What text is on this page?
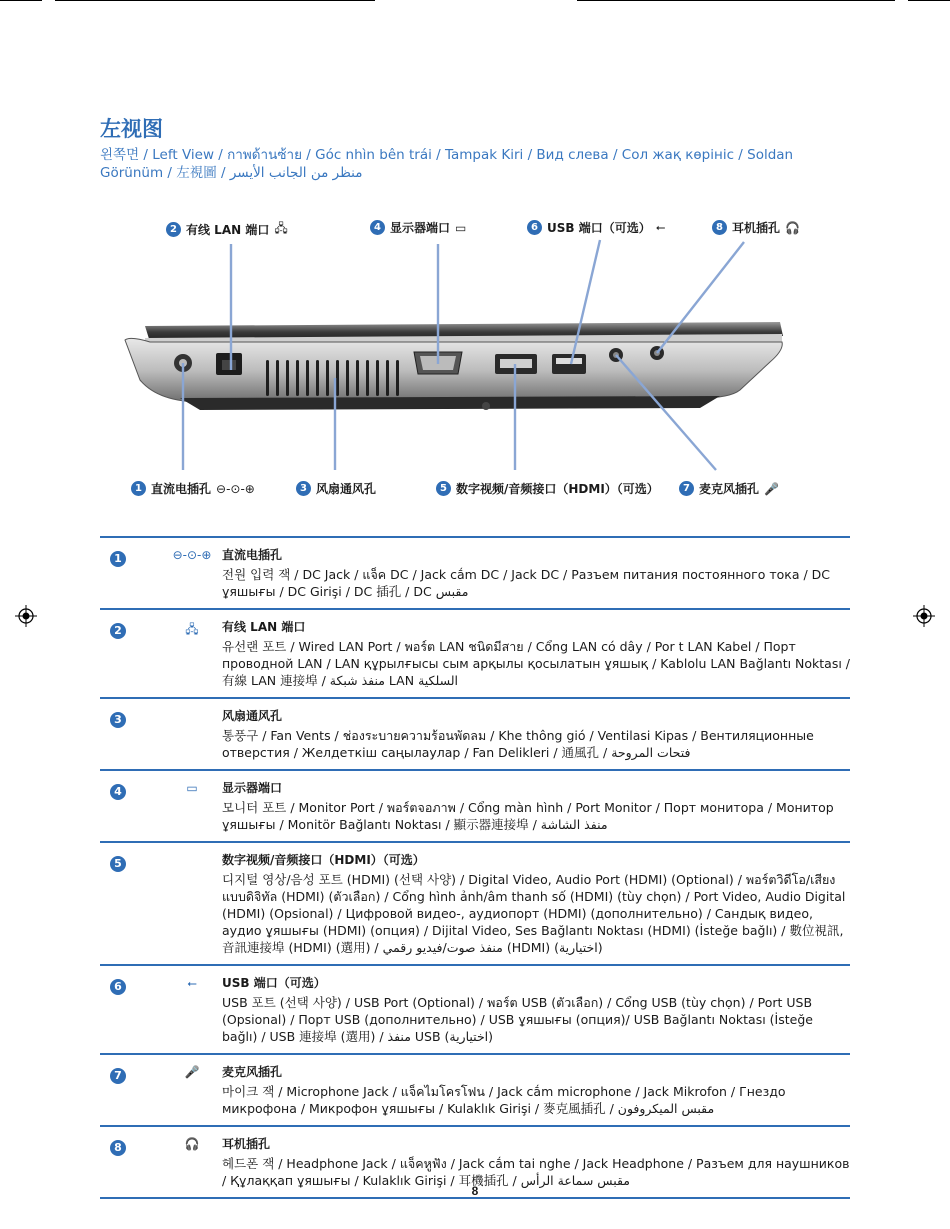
左视图
왼쪽면 / Left View / กาพด้านซ้าย / Góc nhìn bên trái / Tampak Kiri / Вид слева / Сол жақ көрініс / Soldan Görünüm / 左視圖 / منظر من الجانب الأيسر
2 有线 LAN 端口 🖧	4 显示器端口 ▭	6 USB 端口（可选） ⭠	8 耳机插孔 🎧
1 直流电插孔 ⊖-⊙-⊕	3 风扇通风孔	5 数字视频/音频接口（HDMI）（可选）	7 麦克风插孔 🎤
1	⊖-⊙-⊕ 直流电插孔
전원 입력 잭 / DC Jack / แจ็ค DC / Jack cắm DC / Jack DC / Разъем питания постоянного тока / DC ұяшығы / DC Girişi / DC 插孔 / DC مقبس
2	🖧	有线 LAN 端口
유선랜 포트 / Wired LAN Port / พอร์ต LAN ชนิดมีสาย / Cổng LAN có dây / Por t LAN Kabel / Порт проводной LAN / LAN құрылғысы сым арқылы қосылатын ұяшық / Kablolu LAN Bağlantı Noktası / 有線 LAN 連接埠 / منفذ شبكة LAN السلكية
3	风扇通风孔
통풍구 / Fan Vents / ช่องระบายความร้อนพัดลม / Khe thông gió / Ventilasi Kipas / Вентиляционные отверстия / Желдеткіш саңылаулар / Fan Delikleri / 通風孔 / فتحات المروحة
4	▭	显示器端口
모니터 포트 / Monitor Port / พอร์ตจอภาพ / Cổng màn hình / Port Monitor / Порт монитора / Монитор ұяшығы / Monitör Bağlantı Noktası / 顯示器連接埠 / منفذ الشاشة
5	数字视频/音频接口（HDMI）（可选）
디지털 영상/음성 포트 (HDMI) (선택 사양) / Digital Video, Audio Port (HDMI) (Optional) / พอร์ตวิดีโอ/เสียงแบบดิจิทัล (HDMI) (ตัวเลือก) / Cổng hình ảnh/âm thanh số (HDMI) (tùy chọn) / Port Video, Audio Digital (HDMI) (Opsional) / Цифровой видео-, аудиопорт (HDMI) (дополнительно) / Сандық видео, аудио ұяшығы (HDMI) (опция) / Dijital Video, Ses Bağlantı Noktası (HDMI) (İsteğe bağlı) / 數位視訊, 音訊連接埠 (HDMI) (選用) / منفذ صوت/فيديو رقمي (HDMI) (اختيارية)
6	⭠	USB 端口（可选）
USB 포트 (선택 사양) / USB Port (Optional) / พอร์ต USB (ตัวเลือก) / Cổng USB (tùy chọn) / Port USB (Opsional) / Порт USB (дополнительно) / USB ұяшығы (опция)/ USB Bağlantı Noktası (İsteğe bağlı) / USB 連接埠 (選用) / منفذ USB (اختيارية)
7	🎤	麦克风插孔
마이크 잭 / Microphone Jack / แจ็คไมโครโฟน / Jack cắm microphone / Jack Mikrofon / Гнездо микрофона / Микрофон ұяшығы / Kulaklık Girişi / 麥克風插孔 / مقبس الميكروفون
8	🎧	耳机插孔
헤드폰 잭 / Headphone Jack / แจ็คหูฟัง / Jack cắm tai nghe / Jack Headphone / Разъем для наушников / Құлаққап ұяшығы / Kulaklık Girişi / 耳機插孔 / مقبس سماعة الرأس
8
